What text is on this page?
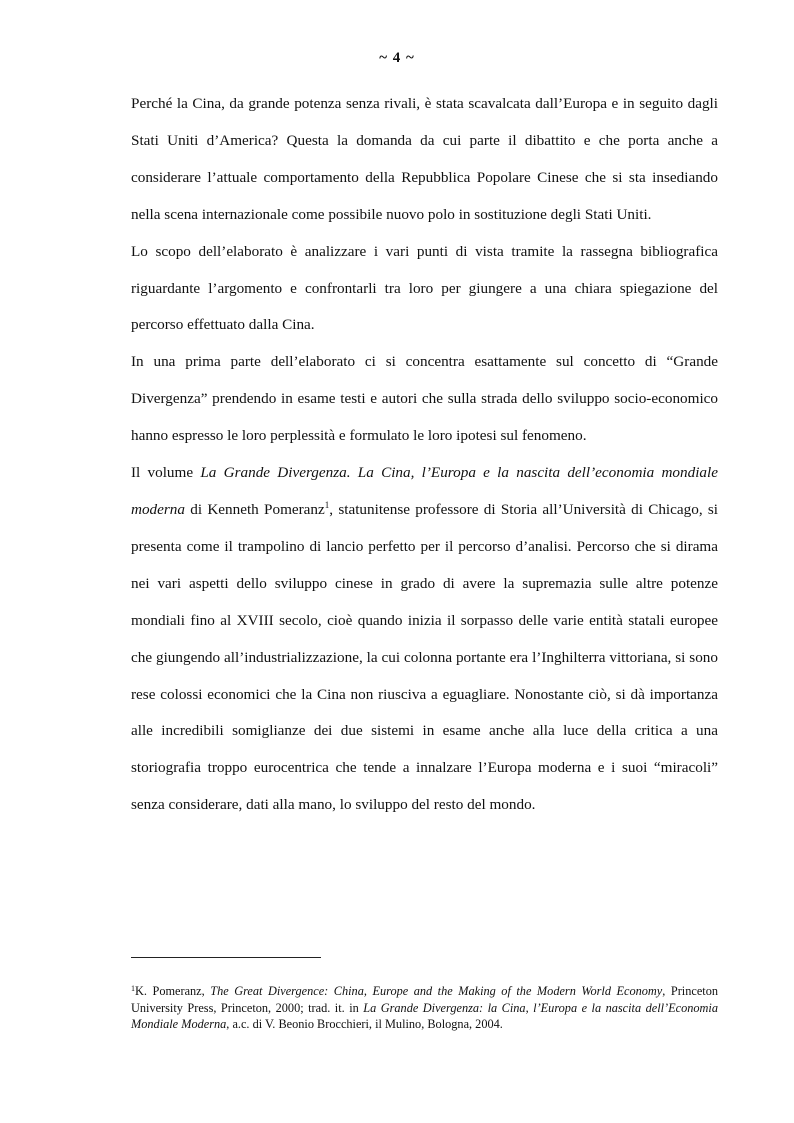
~ 4 ~

Perché la Cina, da grande potenza senza rivali, è stata scavalcata dall’Europa e in seguito dagli Stati Uniti d’America? Questa la domanda da cui parte il dibattito e che porta anche a considerare l’attuale comportamento della Repubblica Popolare Cinese che si sta insediando nella scena internazionale come possibile nuovo polo in sostituzione degli Stati Uniti.

Lo scopo dell’elaborato è analizzare i vari punti di vista tramite la rassegna bibliografica riguardante l’argomento e confrontarli tra loro per giungere a una chiara spiegazione del percorso effettuato dalla Cina.

In una prima parte dell’elaborato ci si concentra esattamente sul concetto di “Grande Divergenza” prendendo in esame testi e autori che sulla strada dello sviluppo socio-economico hanno espresso le loro perplessità e formulato le loro ipotesi sul fenomeno.

Il volume La Grande Divergenza. La Cina, l’Europa e la nascita dell’economia mondiale moderna di Kenneth Pomeranz$^1$, statunitense professore di Storia all’Università di Chicago, si presenta come il trampolino di lancio perfetto per il percorso d’analisi. Percorso che si dirama nei vari aspetti dello sviluppo cinese in grado di avere la supremazia sulle altre potenze mondiali fino al XVIII secolo, cioè quando inizia il sorpasso delle varie entità statali europee che giungendo all’industrializzazione, la cui colonna portante era l’Inghilterra vittoriana, si sono rese colossi economici che la Cina non riusciva a eguagliare. Nonostante ciò, si dà importanza alle incredibili somiglianze dei due sistemi in esame anche alla luce della critica a una storiografia troppo eurocentrica che tende a innalzare l’Europa moderna e i suoi “miracoli” senza considerare, dati alla mano, lo sviluppo del resto del mondo.

$^1$K. Pomeranz, The Great Divergence: China, Europe and the Making of the Modern World Economy, Princeton University Press, Princeton, 2000; trad. it. in La Grande Divergenza: la Cina, l’Europa e la nascita dell’Economia Mondiale Moderna, a.c. di V. Beonio Brocchieri, il Mulino, Bologna, 2004.
